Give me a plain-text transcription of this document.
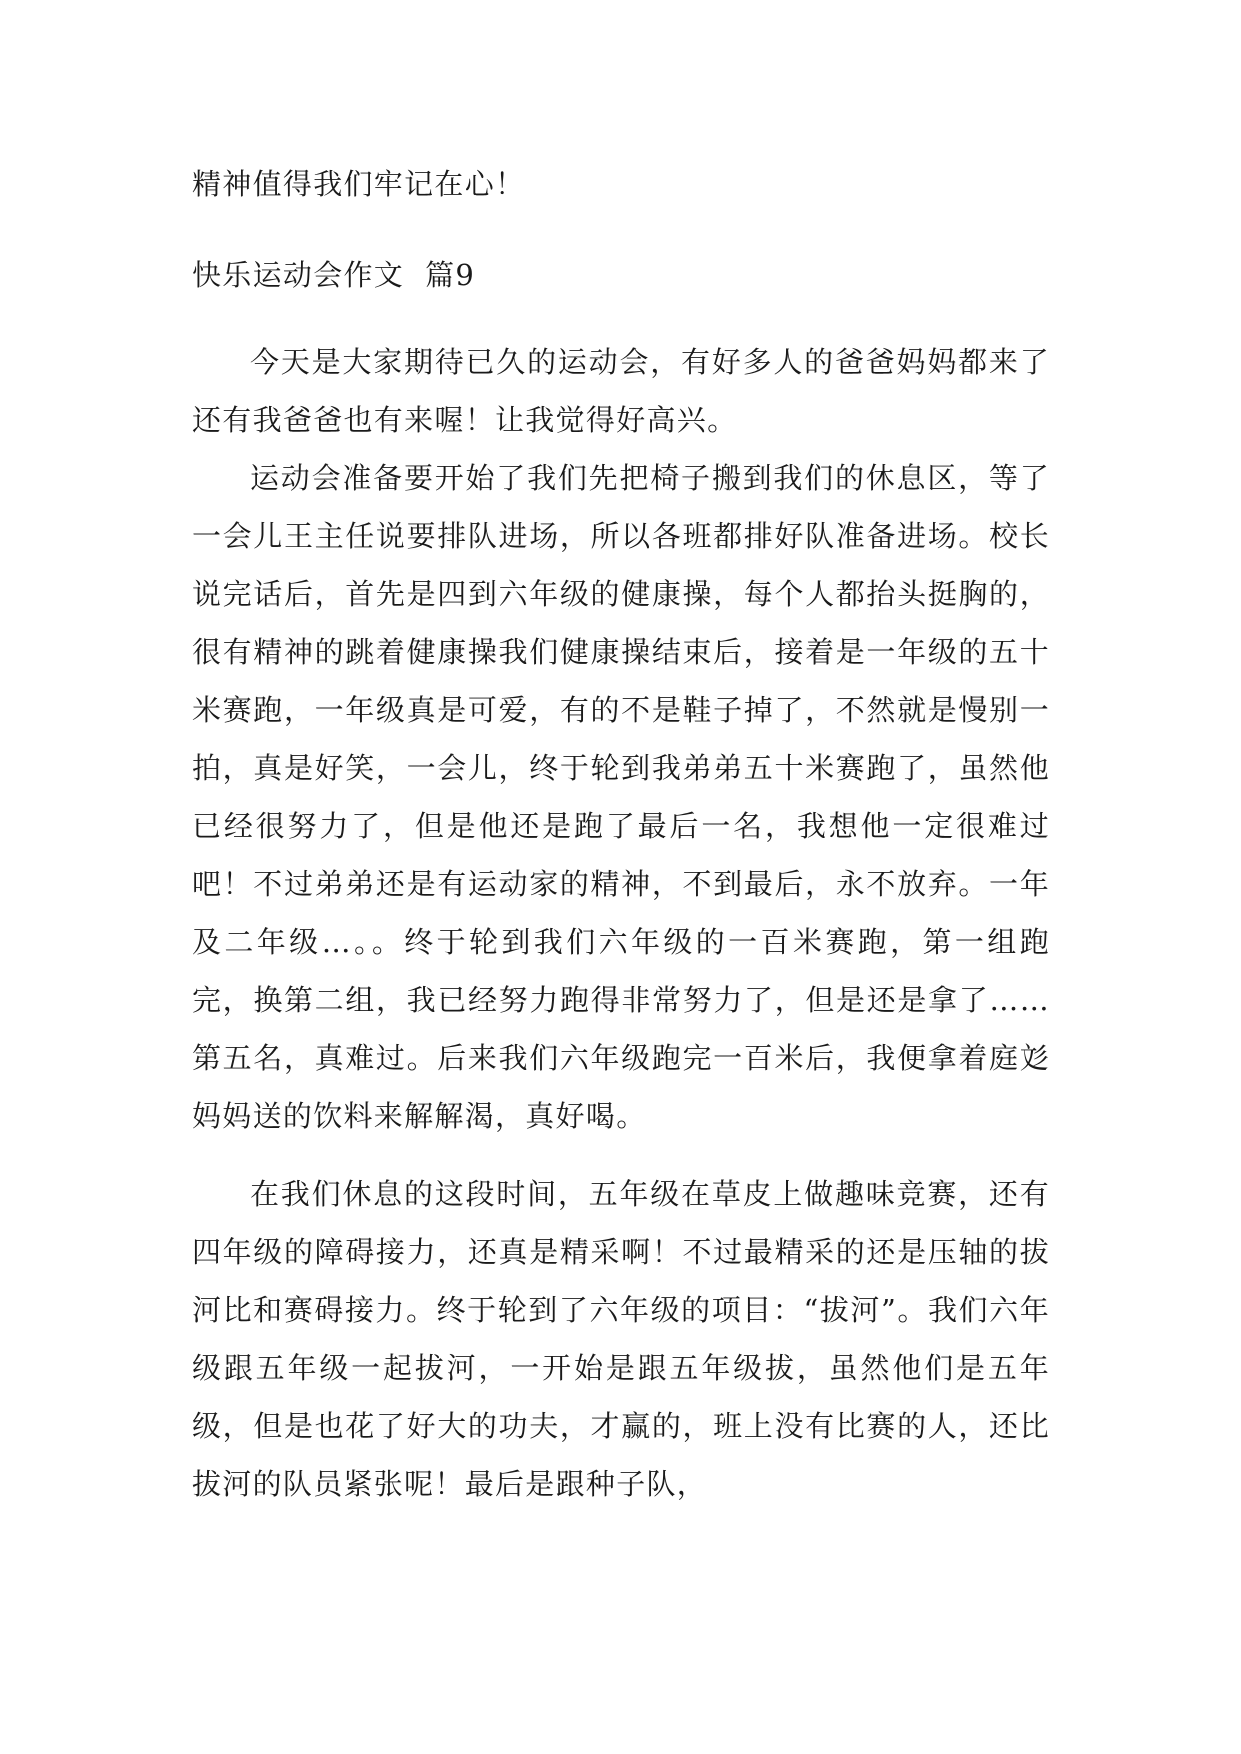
精神值得我们牢记在心！

快乐运动会作文  篇9

今天是大家期待已久的运动会，有好多人的爸爸妈妈都来了还有我爸爸也有来喔！让我觉得好高兴。

运动会准备要开始了我们先把椅子搬到我们的休息区，等了一会儿王主任说要排队进场，所以各班都排好队准备进场。校长说完话后，首先是四到六年级的健康操，每个人都抬头挺胸的，很有精神的跳着健康操我们健康操结束后，接着是一年级的五十米赛跑，一年级真是可爱，有的不是鞋子掉了，不然就是慢别一拍，真是好笑，一会儿，终于轮到我弟弟五十米赛跑了，虽然他已经很努力了，但是他还是跑了最后一名，我想他一定很难过吧！不过弟弟还是有运动家的精神，不到最后，永不放弃。一年及二年级…。。终于轮到我们六年级的一百米赛跑，第一组跑完，换第二组，我已经努力跑得非常努力了，但是还是拿了……第五名，真难过。后来我们六年级跑完一百米后，我便拿着庭彣妈妈送的饮料来解解渴，真好喝。

在我们休息的这段时间，五年级在草皮上做趣味竞赛，还有四年级的障碍接力，还真是精采啊！不过最精采的还是压轴的拔河比和赛碍接力。终于轮到了六年级的项目：“拔河”。我们六年级跟五年级一起拔河，一开始是跟五年级拔，虽然他们是五年级，但是也花了好大的功夫，才赢的，班上没有比赛的人，还比拔河的队员紧张呢！最后是跟种子队，
